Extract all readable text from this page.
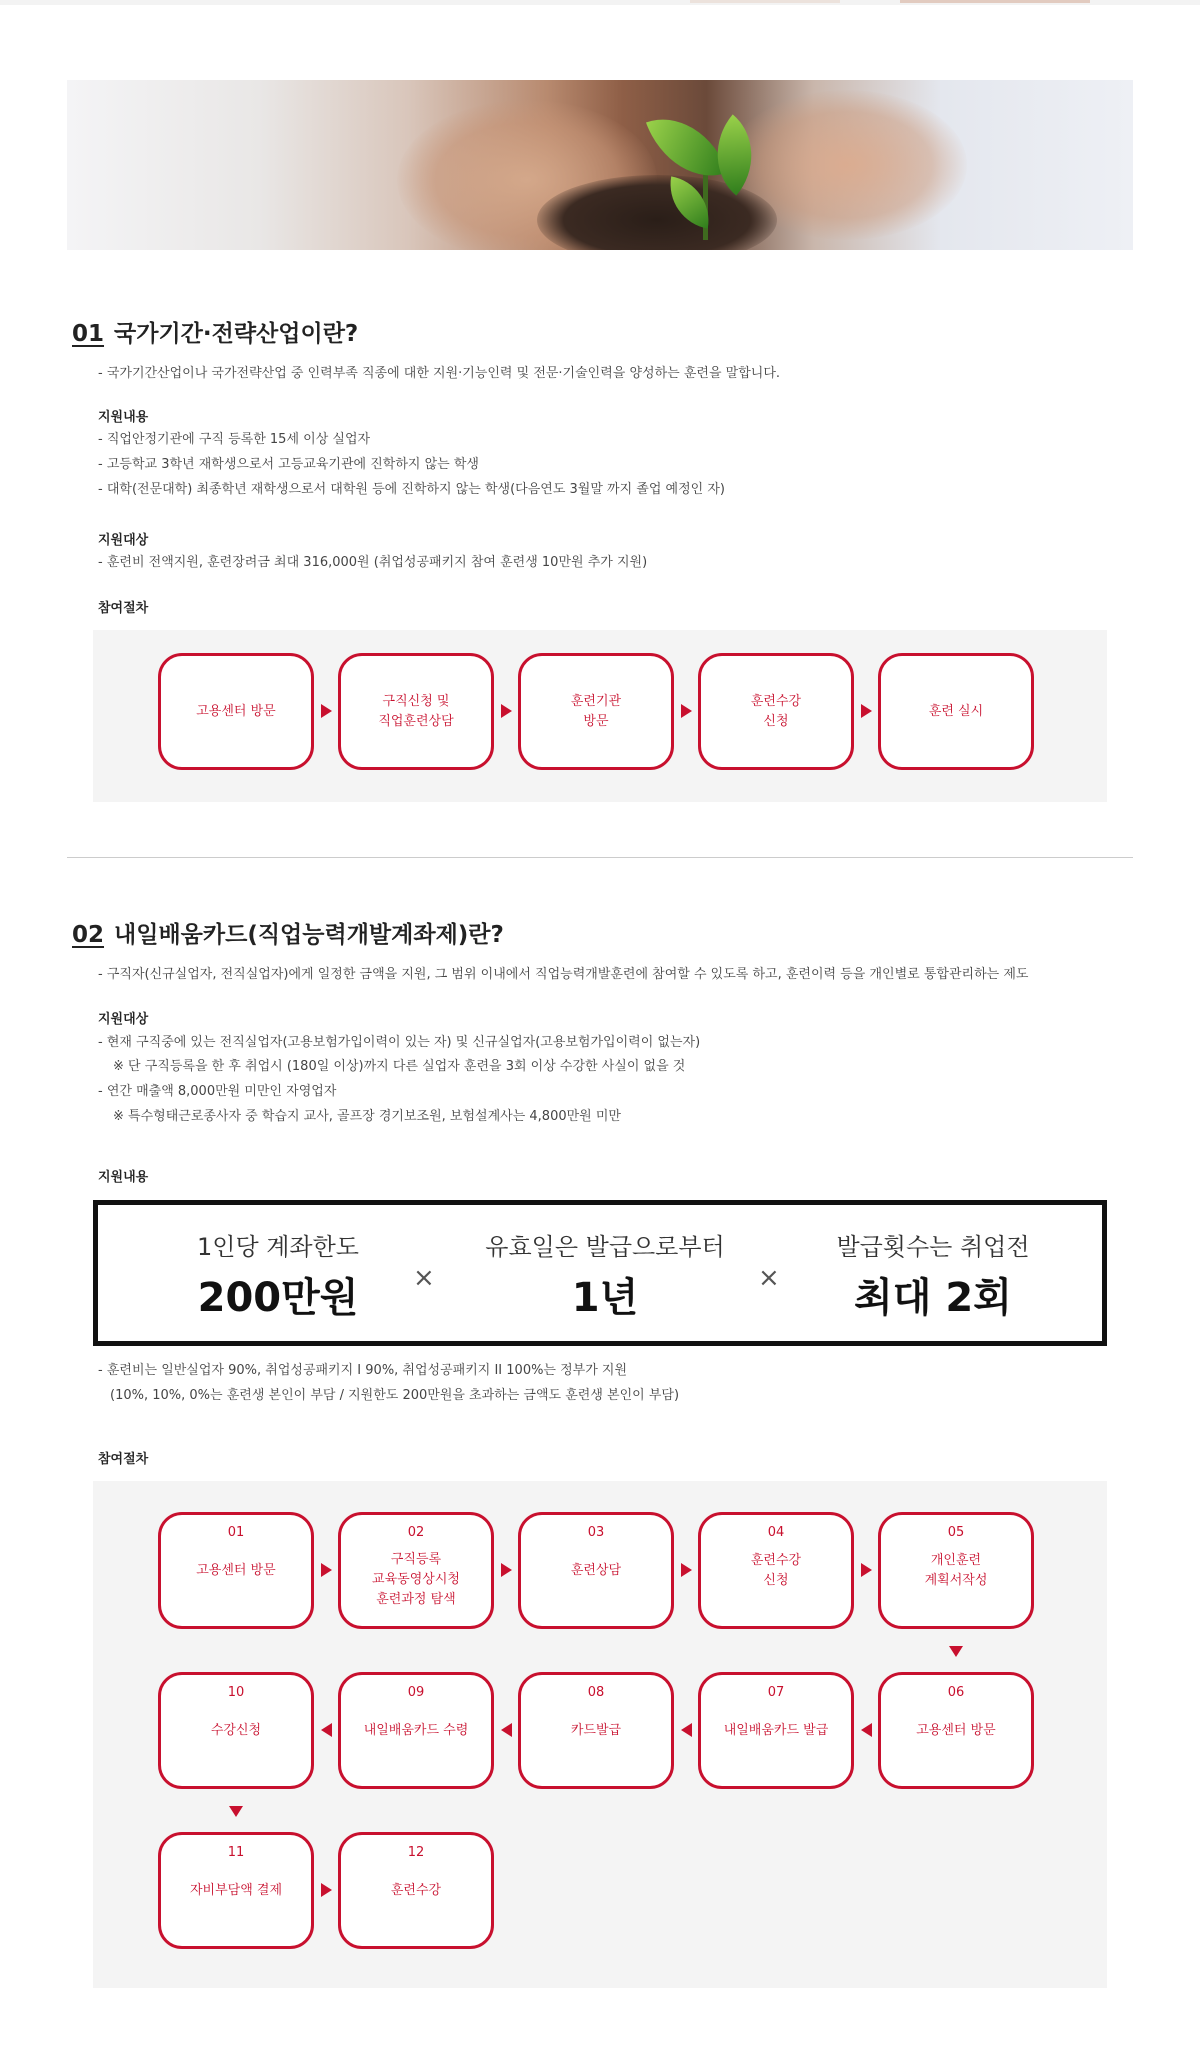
01 국가기간·전략산업이란?
- 국가기간산업이나 국가전략산업 중 인력부족 직종에 대한 지원·기능인력 및 전문·기술인력을 양성하는 훈련을 말합니다.
지원내용
- 직업안정기관에 구직 등록한 15세 이상 실업자
- 고등학교 3학년 재학생으로서 고등교육기관에 진학하지 않는 학생
- 대학(전문대학) 최종학년 재학생으로서 대학원 등에 진학하지 않는 학생(다음연도 3월말 까지 졸업 예정인 자)
지원대상
- 훈련비 전액지원, 훈련장려금 최대 316,000원 (취업성공패키지 참여 훈련생 10만원 추가 지원)
참여절차
고용센터 방문
구직신청 및
직업훈련상담
훈련기관
방문
훈련수강
신청
훈련 실시
02 내일배움카드(직업능력개발계좌제)란?
- 구직자(신규실업자, 전직실업자)에게 일정한 금액을 지원, 그 범위 이내에서 직업능력개발훈련에 참여할 수 있도록 하고, 훈련이력 등을 개인별로 통합관리하는 제도
지원대상
- 현재 구직중에 있는 전직실업자(고용보험가입이력이 있는 자) 및 신규실업자(고용보험가입이력이 없는자)
※ 단 구직등록을 한 후 취업시 (180일 이상)까지 다른 실업자 훈련을 3회 이상 수강한 사실이 없을 것
- 연간 매출액 8,000만원 미만인 자영업자
※ 특수형태근로종사자 중 학습지 교사, 골프장 경기보조원, 보험설계사는 4,800만원 미만
지원내용
1인당 계좌한도
200만원	×
유효일은 발급으로부터
1년	×
발급횟수는 취업전
최대 2회
- 훈련비는 일반실업자 90%, 취업성공패키지 I 90%, 취업성공패키지 II 100%는 정부가 지원
(10%, 10%, 0%는 훈련생 본인이 부담 / 지원한도 200만원을 초과하는 금액도 훈련생 본인이 부담)
참여절차
01
고용센터 방문
02
구직등록
교육동영상시청
훈련과정 탐색
03
훈련상담
04
훈련수강
신청
05
개인훈련
계획서작성
10
수강신청
09
내일배움카드 수령
08
카드발급
07
내일배움카드 발급
06
고용센터 방문
11
자비부담액 결제
12
훈련수강
